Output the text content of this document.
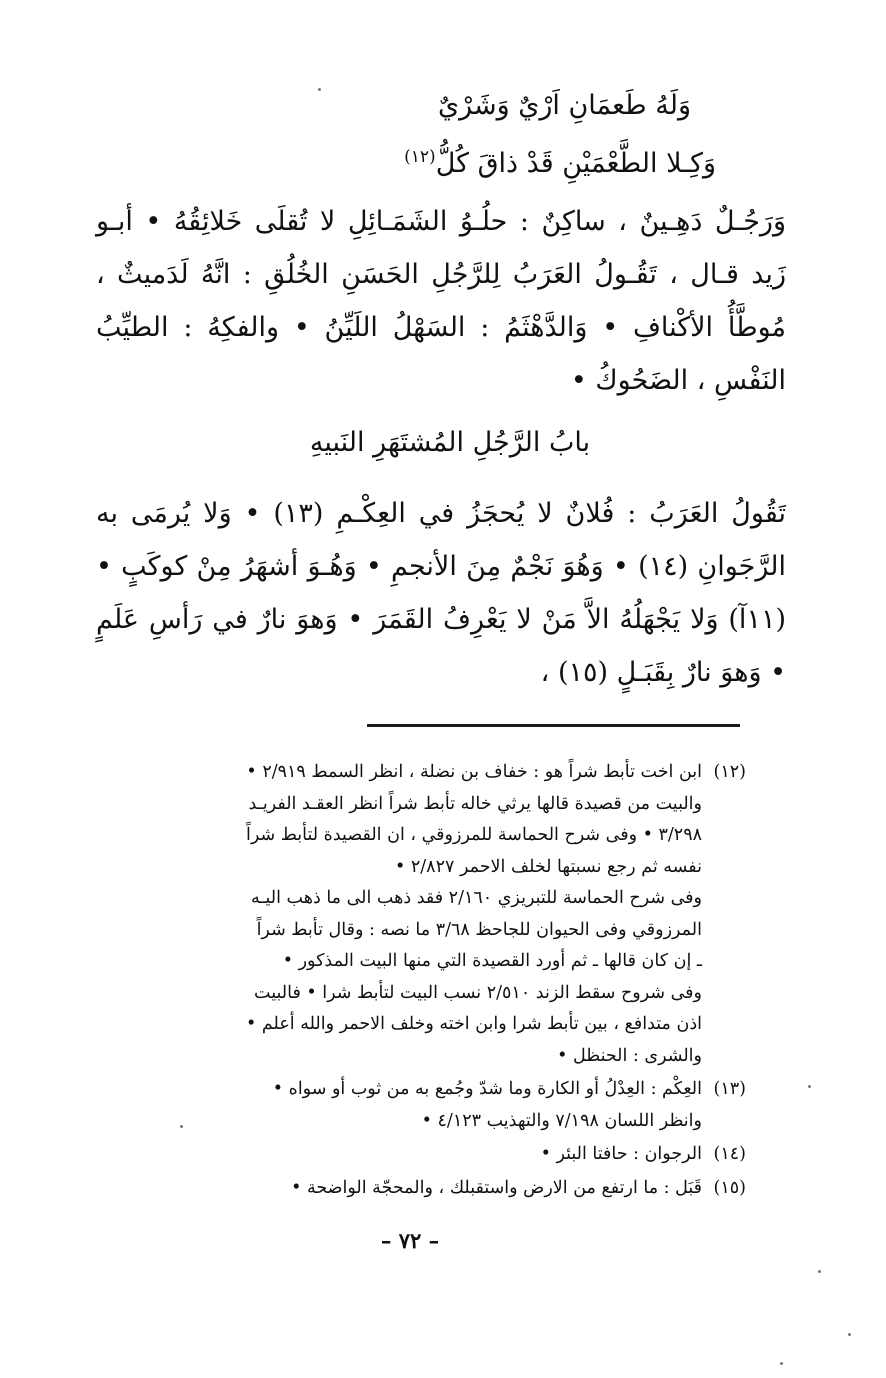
وَلَهُ طَعمَانِ اَرْيٌ وَشَرْيٌ
وَكِـلا الطَّعْمَيْنِ قَدْ ذاقَ كُلُّ$^{(١٢)}$
وَرَجُـلٌ دَهِـينٌ ، ساكِنٌ : حلُـوُ الشَمَـائِلِ لا تُقلَى خَلائِقُهُ • أبـو زَيد قـال ، تَقُـولُ العَرَبُ لِلرَّجُلِ الحَسَنِ الخُلُقِ : انَّهُ لَدَميثٌ ، مُوطَّأُ الأكْنافِ • وَالدَّهْثَمُ : السَهْلُ اللَيِّنُ • والفكِهُ : الطيِّبُ النَفْسِ ، الضَحُوكُ •
بابُ الرَّجُلِ المُشتَهَرِ النَبيهِ
تَقُولُ العَرَبُ : فُلانٌ لا يُحجَزُ في العِكْـمِ (١٣) • وَلا يُرمَى به الرَّجَوانِ (١٤) • وَهُوَ نَجْمٌ مِنَ الأنجمِ • وَهُـوَ أشهَرُ مِنْ كوكَبٍ • (١١آ) وَلا يَجْهَلُهُ الاَّ مَنْ لا يَعْرِفُ القَمَرَ • وَهوَ نارٌ في رَأسِ عَلَمٍ • وَهوَ نارٌ بِقَبَـلٍ (١٥) ،
(١٢)
ابن اخت تأبط شراً هو : خفاف بن نضلة ، انظر السمط ٢/٩١٩ •
والبيت من قصيدة قالها يرثي خاله تأبط شراً انظر العقـد الفريـد
٣/٢٩٨ • وفى شرح الحماسة للمرزوقي ، ان القصيدة لتأبط شراً
نفسه ثم رجع نسبتها لخلف الاحمر ٢/٨٢٧ •
وفى شرح الحماسة للتبريزي ٢/١٦٠ فقد ذهب الى ما ذهب اليـه
المرزوقي وفى الحيوان للجاحظ ٣/٦٨ ما نصه : وقال تأبط شراً
ـ إن كان قالها ـ ثم أورد القصيدة التي منها البيت المذكور •
وفى شروح سقط الزند ٢/٥١٠ نسب البيت لتأبط شرا • فالبيت
اذن متدافع ، بين تأبط شرا وابن اخته وخلف الاحمر والله أعلم •
والشرى : الحنظل •
(١٣)
العِكْم : العِدْلُ أو الكارة وما شدّ وجُمع به من ثوب أو سواه •
وانظر اللسان ٧/١٩٨ والتهذيب ٤/١٢٣ •
(١٤)
الرجوان : حافتا البئر •
(١٥)
قَبَل : ما ارتفع من الارض واستقبلك ، والمحجّة الواضحة •
– ٧٢ –
